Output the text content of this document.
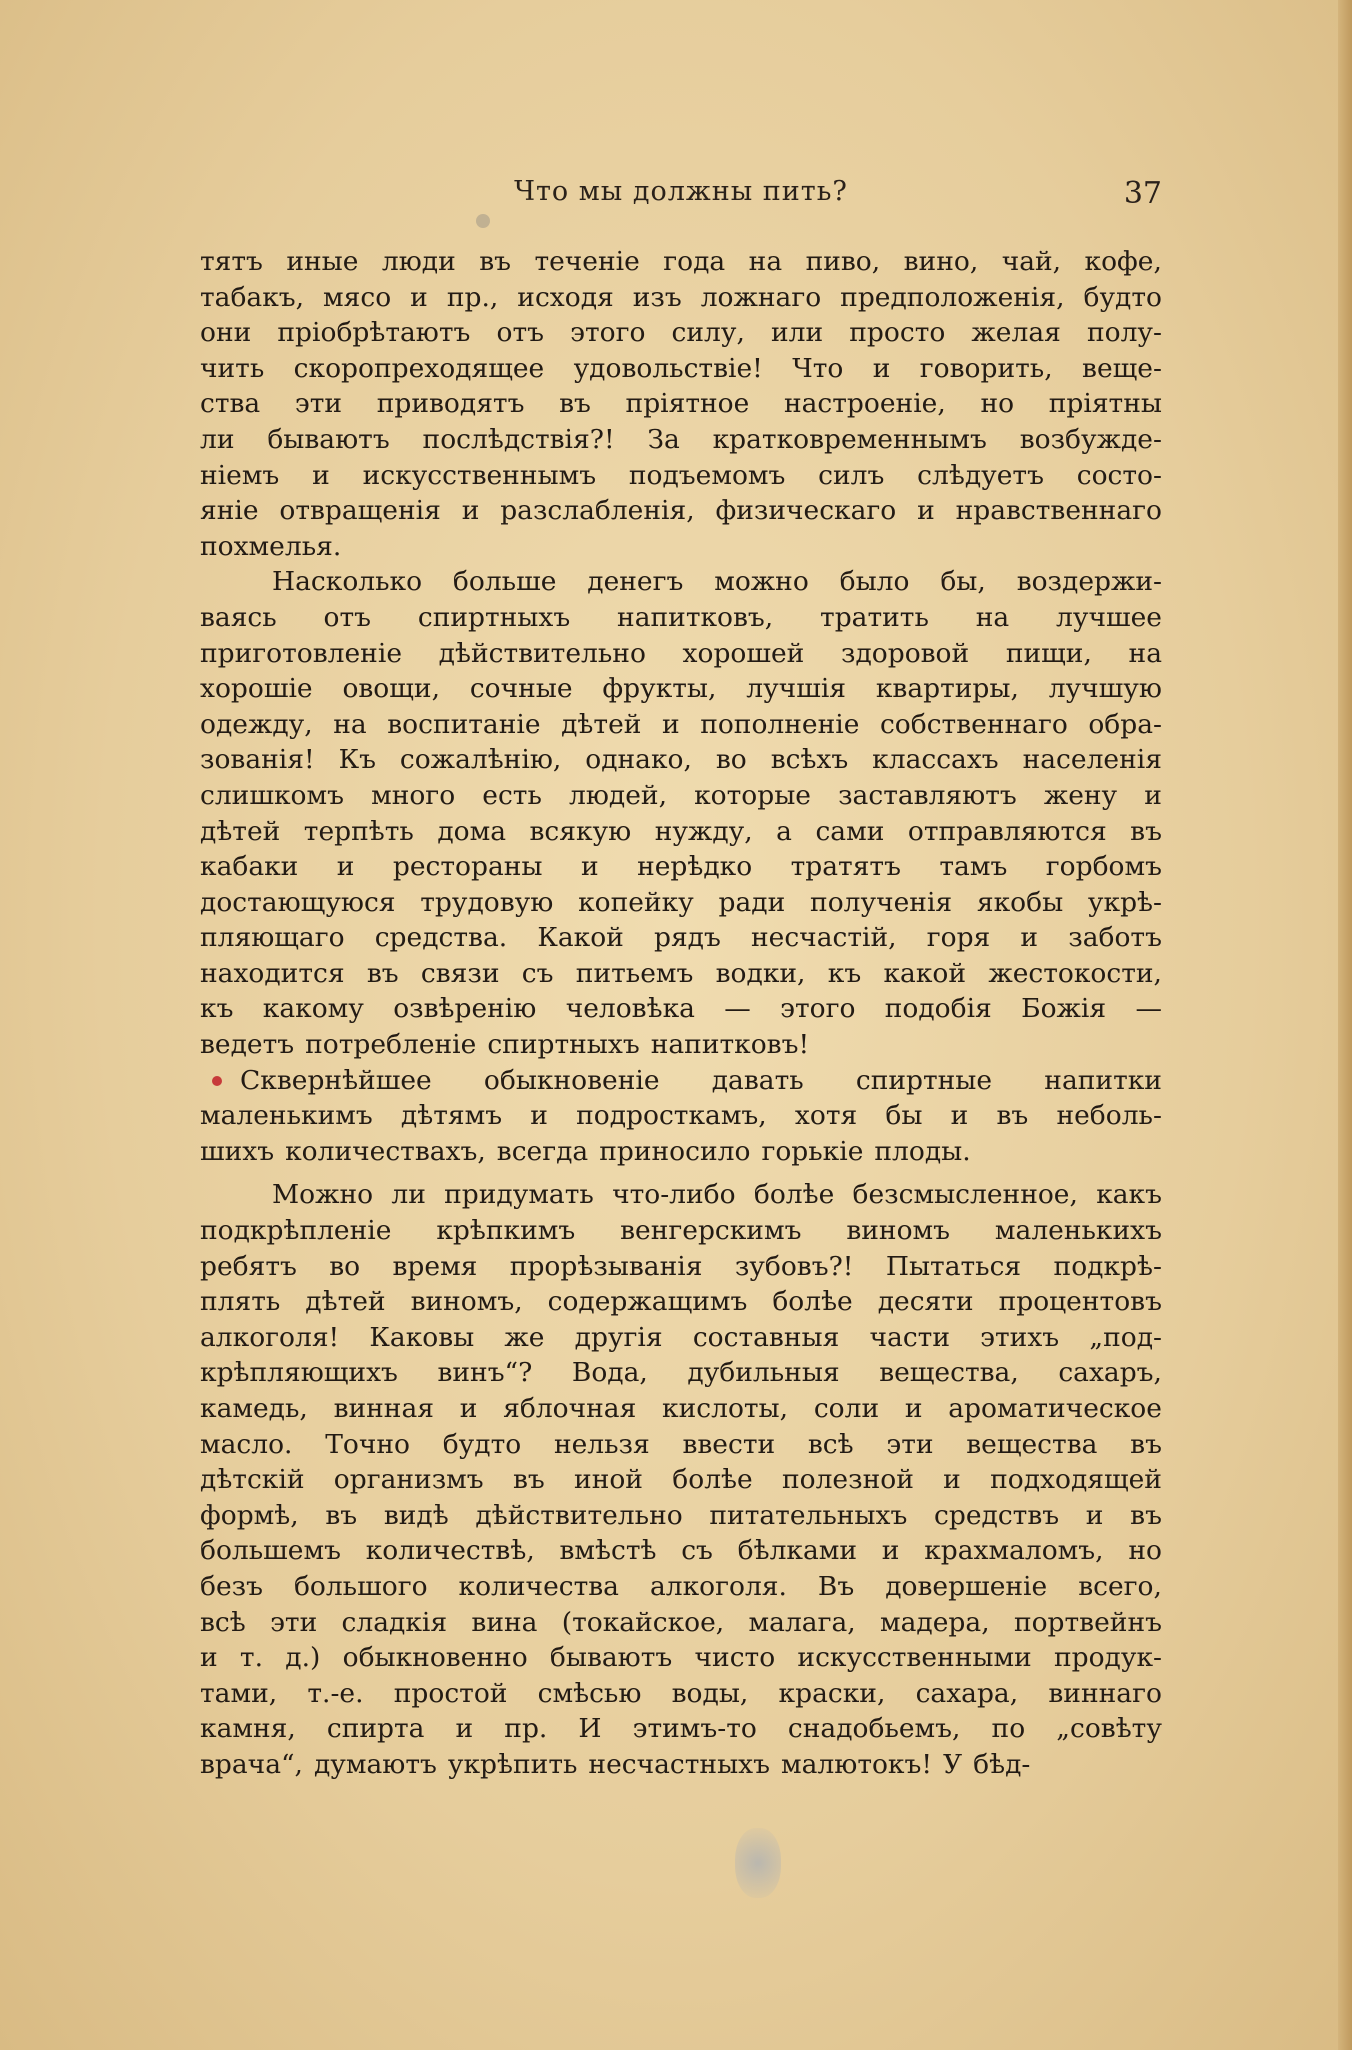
Что мы должны пить?	37
тятъ иные люди въ теченіе года на пиво, вино, чай, кофе,
табакъ, мясо и пр., исходя изъ ложнаго предположенія, будто
они пріобрѣтаютъ отъ этого силу, или просто желая полу-
чить скоропреходящее удовольствіе! Что и говорить, веще-
ства эти приводятъ въ пріятное настроеніе, но пріятны
ли бываютъ послѣдствія?! За кратковременнымъ возбужде-
ніемъ и искусственнымъ подъемомъ силъ слѣдуетъ состо-
яніе отвращенія и разслабленія, физическаго и нравственнаго
похмелья.
Насколько больше денегъ можно было бы, воздержи-
ваясь отъ спиртныхъ напитковъ, тратить на лучшее
приготовленіе дѣйствительно хорошей здоровой пищи, на
хорошіе овощи, сочные фрукты, лучшія квартиры, лучшую
одежду, на воспитаніе дѣтей и пополненіе собственнаго обра-
зованія! Къ сожалѣнію, однако, во всѣхъ классахъ населенія
слишкомъ много есть людей, которые заставляютъ жену и
дѣтей терпѣть дома всякую нужду, а сами отправляются въ
кабаки и рестораны и нерѣдко тратятъ тамъ горбомъ
достающуюся трудовую копейку ради полученія якобы укрѣ-
пляющаго средства. Какой рядъ несчастій, горя и заботъ
находится въ связи съ питьемъ водки, къ какой жестокости,
къ какому озвѣренію человѣка — этого подобія Божія —
ведетъ потребленіе спиртныхъ напитковъ!
Сквернѣйшее обыкновеніе давать спиртные напитки
маленькимъ дѣтямъ и подросткамъ, хотя бы и въ неболь-
шихъ количествахъ, всегда приносило горькіе плоды.
Можно ли придумать что-либо болѣе безсмысленное, какъ
подкрѣпленіе крѣпкимъ венгерскимъ виномъ маленькихъ
ребятъ во время прорѣзыванія зубовъ?! Пытаться подкрѣ-
плять дѣтей виномъ, содержащимъ болѣе десяти процентовъ
алкоголя! Каковы же другія составныя части этихъ „под-
крѣпляющихъ винъ“? Вода, дубильныя вещества, сахаръ,
камедь, винная и яблочная кислоты, соли и ароматическое
масло. Точно будто нельзя ввести всѣ эти вещества въ
дѣтскій организмъ въ иной болѣе полезной и подходящей
формѣ, въ видѣ дѣйствительно питательныхъ средствъ и въ
большемъ количествѣ, вмѣстѣ съ бѣлками и крахмаломъ, но
безъ большого количества алкоголя. Въ довершеніе всего,
всѣ эти сладкія вина (токайское, малага, мадера, портвейнъ
и т. д.) обыкновенно бываютъ чисто искусственными продук-
тами, т.-е. простой смѣсью воды, краски, сахара, виннаго
камня, спирта и пр. И этимъ-то снадобьемъ, по „совѣту
врача“, думаютъ укрѣпить несчастныхъ малютокъ! У бѣд-
